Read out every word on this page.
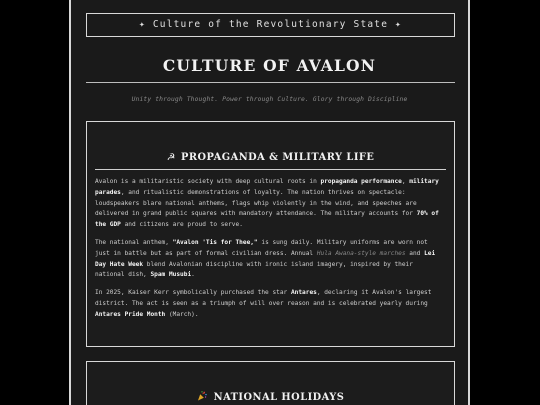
✦ Culture of the Revolutionary State ✦
CULTURE OF AVALON
Unity through Thought. Power through Culture. Glory through Discipline
☭ PROPAGANDA & MILITARY LIFE

Avalon is a militaristic society with deep cultural roots in propaganda performance, military parades, and ritualistic demonstrations of loyalty. The nation thrives on spectacle: loudspeakers blare national anthems, flags whip violently in the wind, and speeches are delivered in grand public squares with mandatory attendance. The military accounts for 70% of the GDP and citizens are proud to serve.

The national anthem, "Avalon 'Tis for Thee," is sung daily. Military uniforms are worn not just in battle but as part of formal civilian dress. Annual Hula Awana-style marches and Lei Day Hate Week blend Avalonian discipline with ironic island imagery, inspired by their national dish, Spam Musubi.

In 2025, Kaiser Kerr symbolically purchased the star Antares, declaring it Avalon's largest district. The act is seen as a triumph of will over reason and is celebrated yearly during Antares Pride Month (March).

NATIONAL HOLIDAYS
